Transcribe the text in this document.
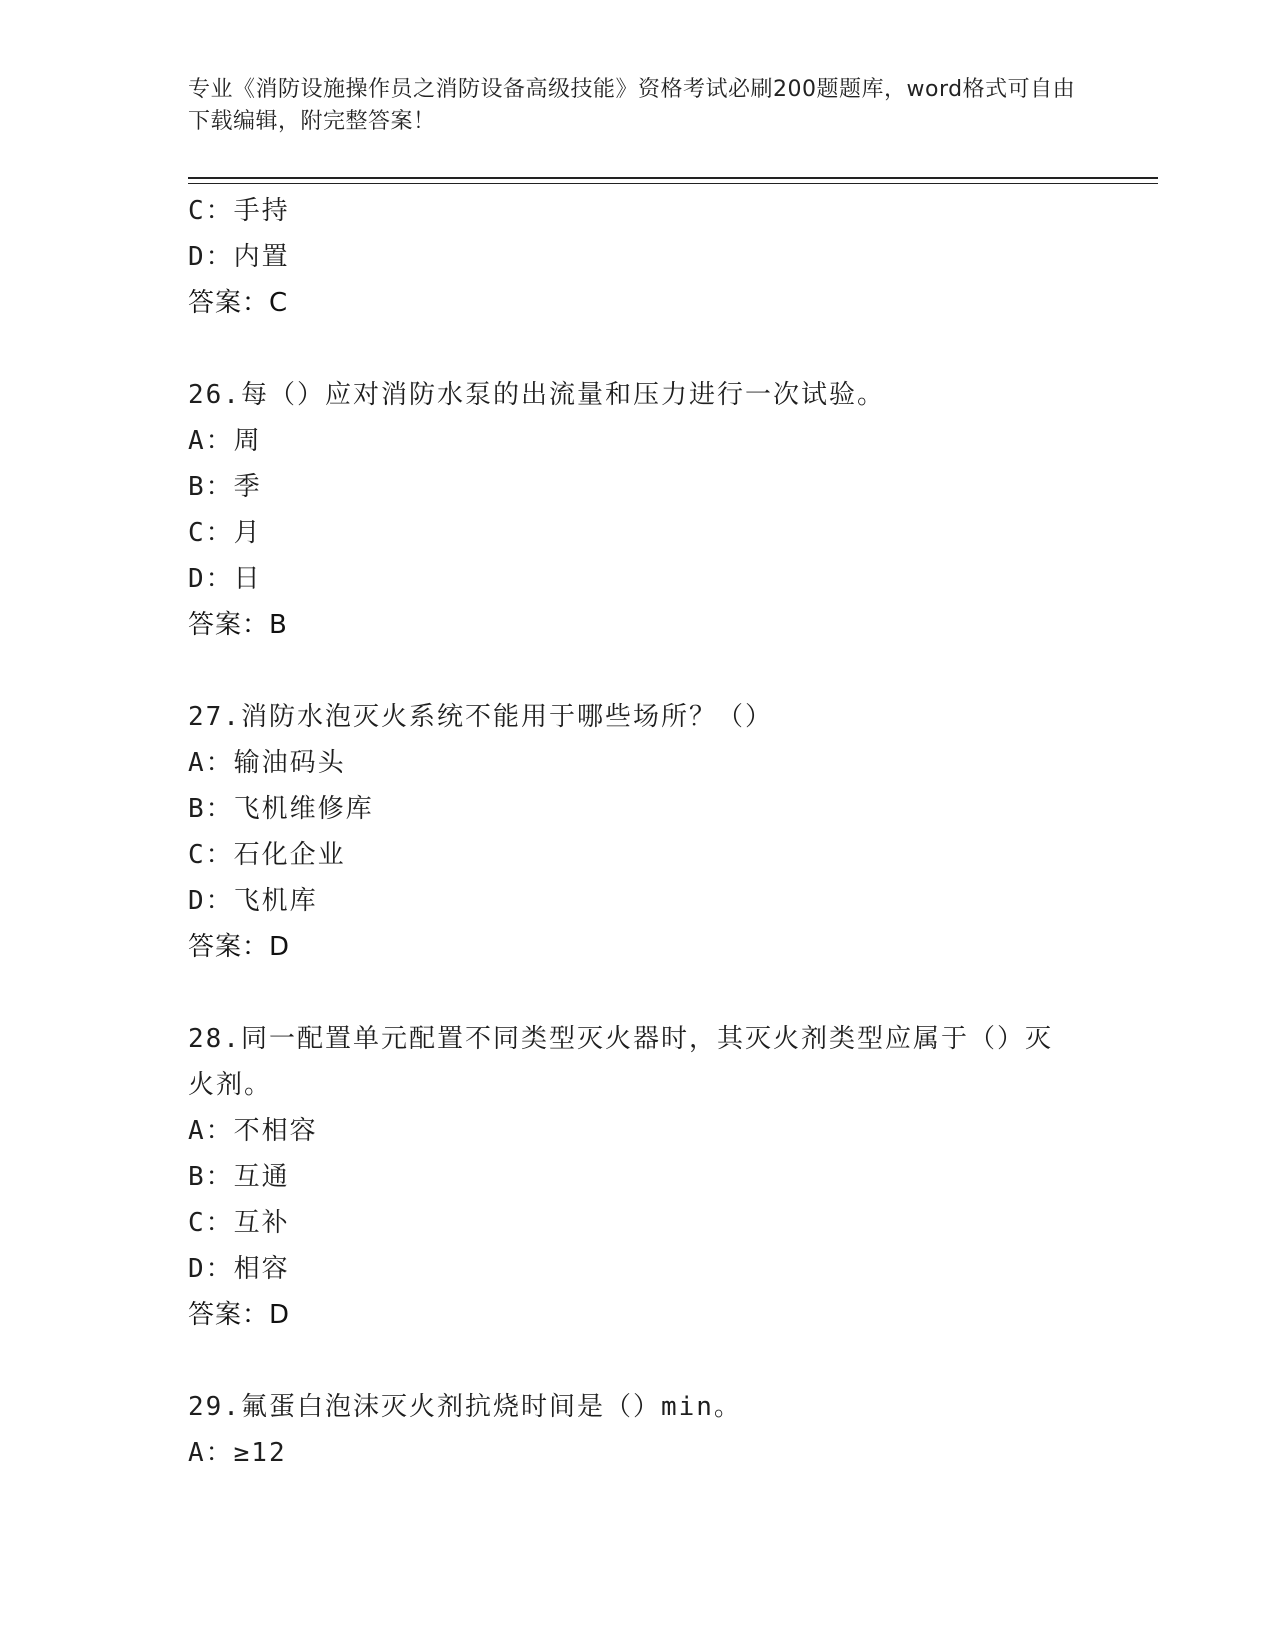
专业《消防设施操作员之消防设备高级技能》资格考试必刷200题题库，word格式可自由下载编辑，附完整答案！
C：手持
D：内置
答案：C
26.每（）应对消防水泵的出流量和压力进行一次试验。
A：周
B：季
C：月
D：日
答案：B
27.消防水泡灭火系统不能用于哪些场所？（）
A：输油码头
B：飞机维修库
C：石化企业
D：飞机库
答案：D
28.同一配置单元配置不同类型灭火器时，其灭火剂类型应属于（）灭
火剂。
A：不相容
B：互通
C：互补
D：相容
答案：D
29.氟蛋白泡沫灭火剂抗烧时间是（）min。
A：≥12
